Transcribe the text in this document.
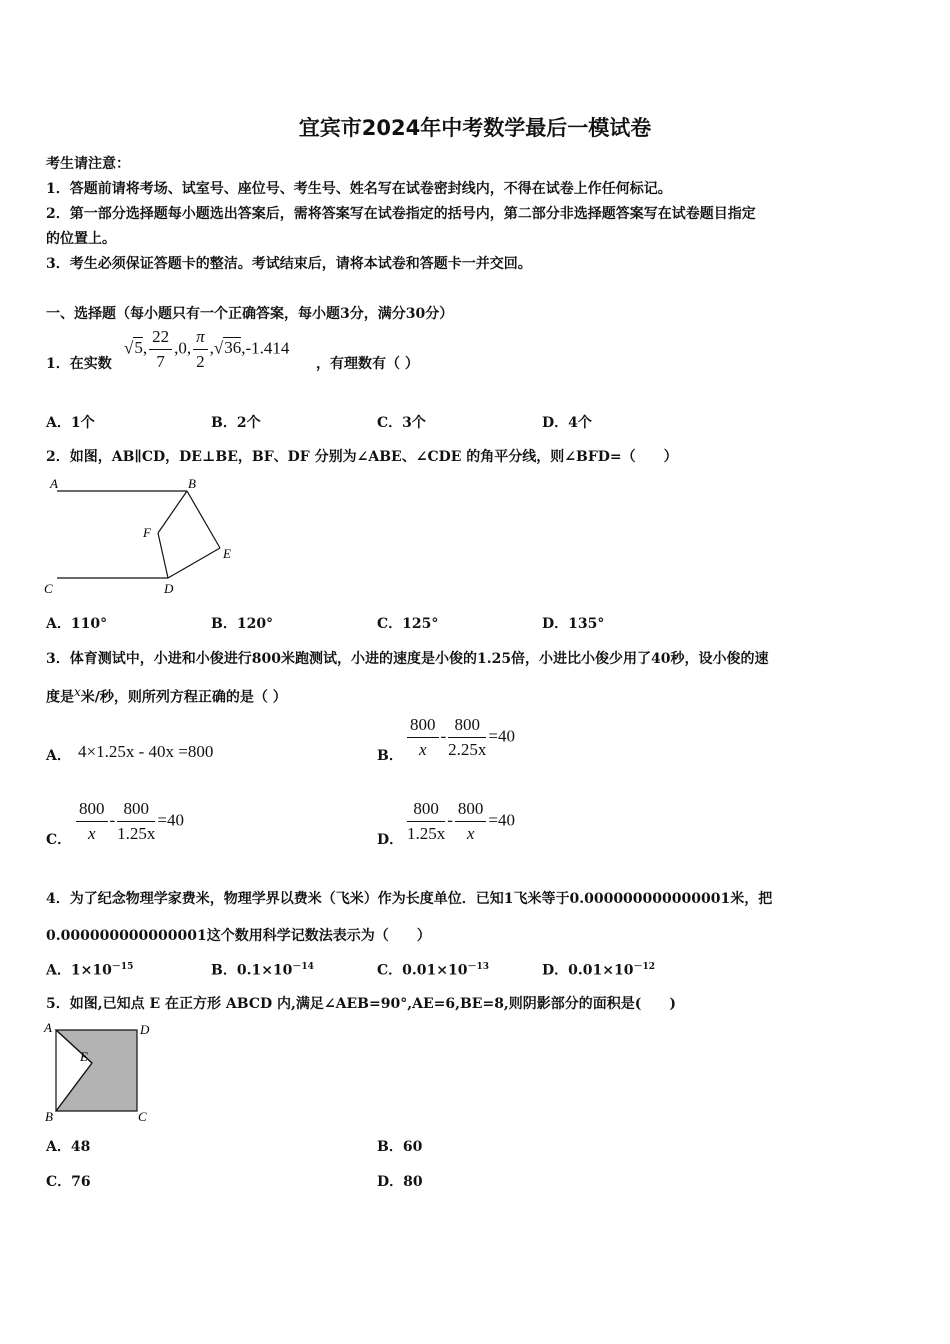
宜宾市2024年中考数学最后一模试卷
考生请注意：
1．答题前请将考场、试室号、座位号、考生号、姓名写在试卷密封线内，不得在试卷上作任何标记。
2．第一部分选择题每小题选出答案后，需将答案写在试卷指定的括号内，第二部分非选择题答案写在试卷题目指定
的位置上。
3．考生必须保证答题卡的整洁。考试结束后，请将本试卷和答题卡一并交回。
一、选择题（每小题只有一个正确答案，每小题3分，满分30分）
1．在实数
√5, $\frac{22}{7} ,0$, $\frac{\pi}{2} ,√36,-1.414$
，有理数有（ ）
A．1个	B．2个	C．3个	D．4个
2．如图，AB∥CD，DE⊥BE，BF、DF 分别为∠ABE、∠CDE 的角平分线，则∠BFD=（　　）
A	B
C	D
E
F
A．110°	B．120°	C．125°	D．135°
3．体育测试中，小进和小俊进行800米跑测试，小进的速度是小俊的1.25倍，小进比小俊少用了40秒，设小俊的速
度是$^x$米/秒，则所列方程正确的是（ ）
A． 4×1.25x - 40x =800	B． $\frac{800}{x} - \frac{800}{2.25x} =40$
C． $\frac{800}{x} - \frac{800}{1.25x} =40$
D． $\frac{800}{1.25x} - \frac{800}{x} =40$
4．为了纪念物理学家费米，物理学界以费米（飞米）作为长度单位．已知1飞米等于0.000000000000001米，把
0.000000000000001这个数用科学记数法表示为（　　）
A．$1\times 10^{-15}$	B．$0.1\times 10^{-14}$	C．$0.01\times 10^{-13}$	D．$0.01\times 10^{-12}$
5．如图,已知点 E 在正方形 ABCD 内,满足∠AEB=90°,AE=6,BE=8,则阴影部分的面积是(　　)
A	D
B	C
E
A．48	B．60
C．76	D．80
